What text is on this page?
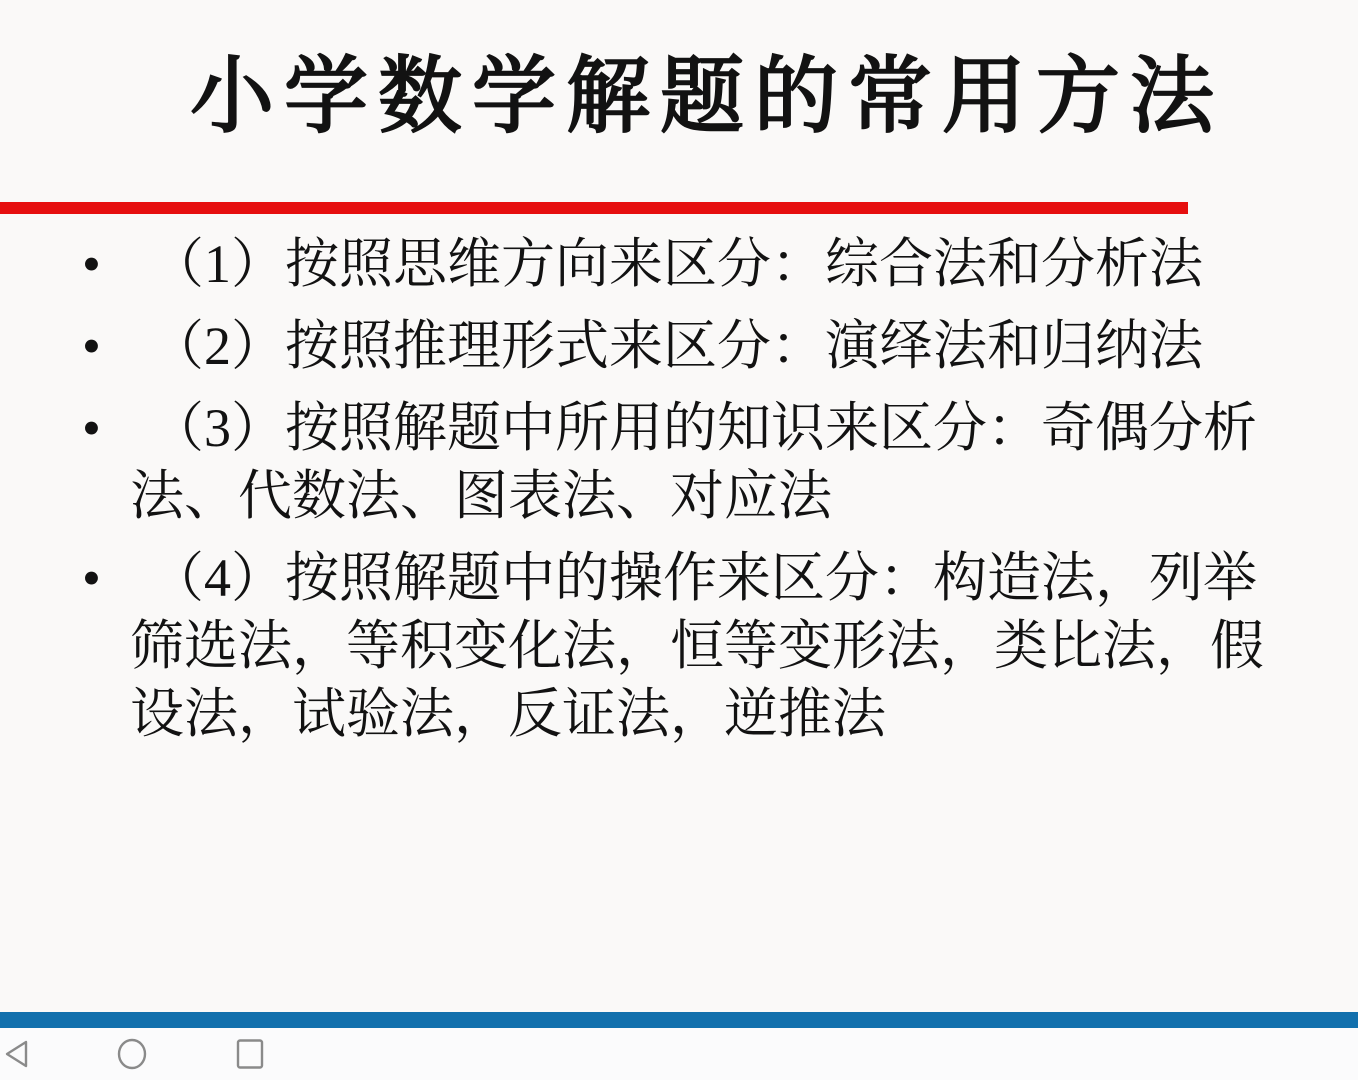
小学数学解题的常用方法
• （1）按照思维方向来区分：综合法和分析法
• （2）按照推理形式来区分：演绎法和归纳法
• （3）按照解题中所用的知识来区分：奇偶分析法、代数法、图表法、对应法
• （4）按照解题中的操作来区分：构造法，列举筛选法，等积变化法，恒等变形法，类比法，假设法，试验法，反证法，逆推法
